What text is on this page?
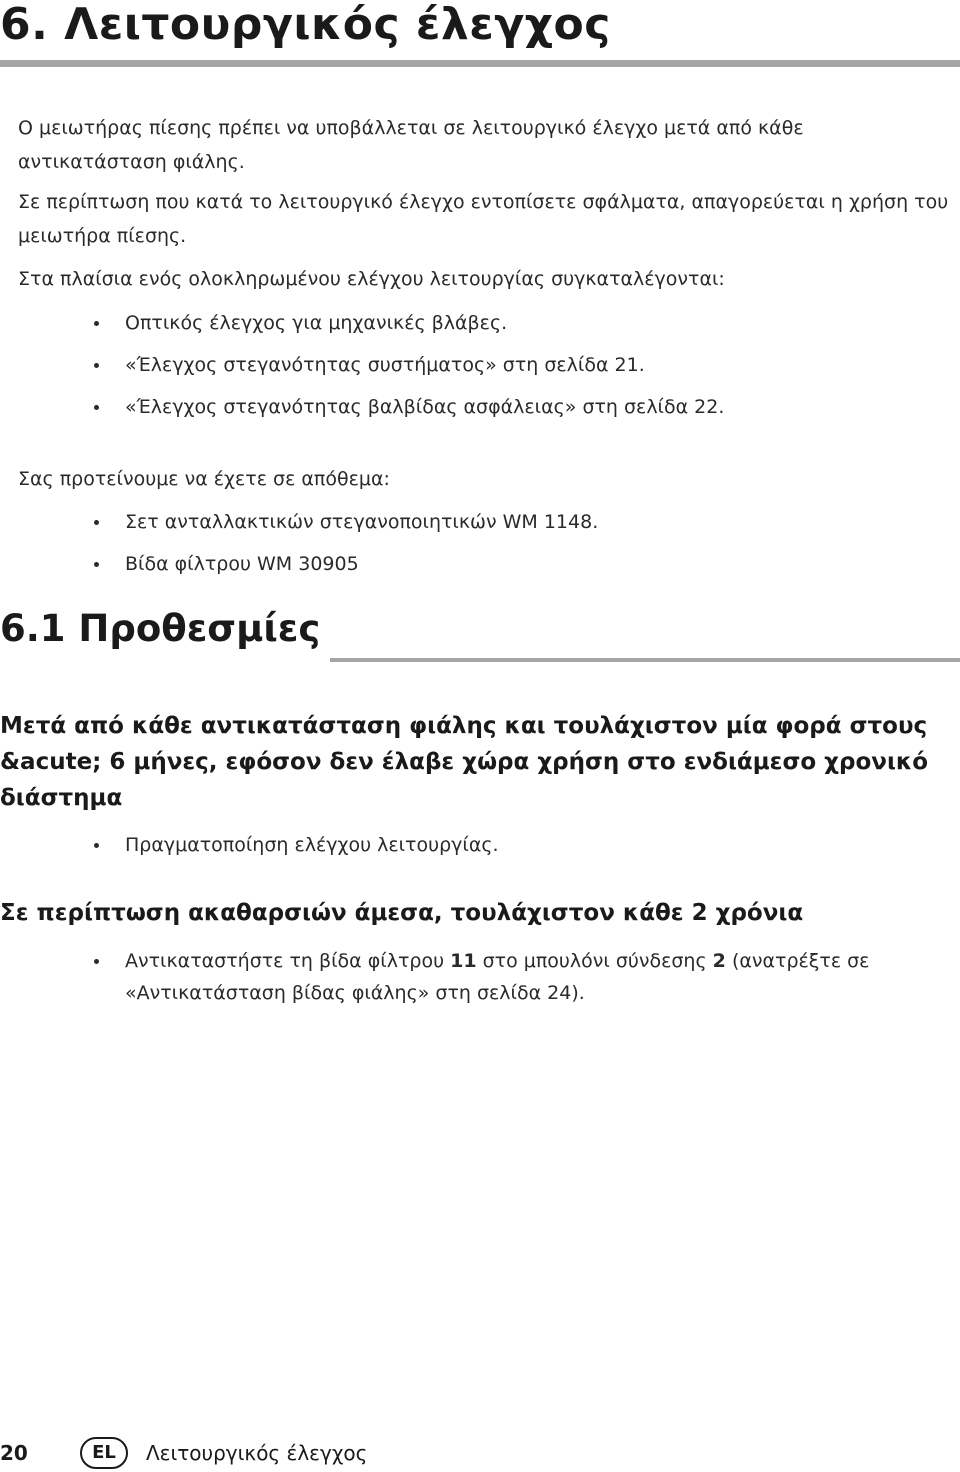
6. Λειτουργικός έλεγχος

Ο μειωτήρας πίεσης πρέπει να υποβάλλεται σε λειτουργικό έλεγχο μετά από κάθε αντικατάσταση φιάλης.

Σε περίπτωση που κατά το λειτουργικό έλεγχο εντοπίσετε σφάλματα, απαγορεύεται η χρήση του μειωτήρα πίεσης.

Στα πλαίσια ενός ολοκληρωμένου ελέγχου λειτουργίας συγκαταλέγονται:

Οπτικός έλεγχος για μηχανικές βλάβες.
«Έλεγχος στεγανότητας συστήματος» στη σελίδα 21.
«Έλεγχος στεγανότητας βαλβίδας ασφάλειας» στη σελίδα 22.

Σας προτείνουμε να έχετε σε απόθεμα:

Σετ ανταλλακτικών στεγανοποιητικών WM 1148.
Βίδα φίλτρου WM 30905
6.1 Προθεσμίες
Μετά από κάθε αντικατάσταση φιάλης και τουλάχιστον μία φορά στους &acute; 6 μήνες, εφόσον δεν έλαβε χώρα χρήση στο ενδιάμεσο χρονικό διάστημα
Πραγματοποίηση ελέγχου λειτουργίας.
Σε περίπτωση ακαθαρσιών άμεσα, τουλάχιστον κάθε 2 χρόνια
Αντικαταστήστε τη βίδα φίλτρου 11 στο μπουλόνι σύνδεσης 2 (ανατρέξτε σε «Αντικατάσταση βίδας φιάλης» στη σελίδα 24).
20	EL	Λειτουργικός έλεγχος
